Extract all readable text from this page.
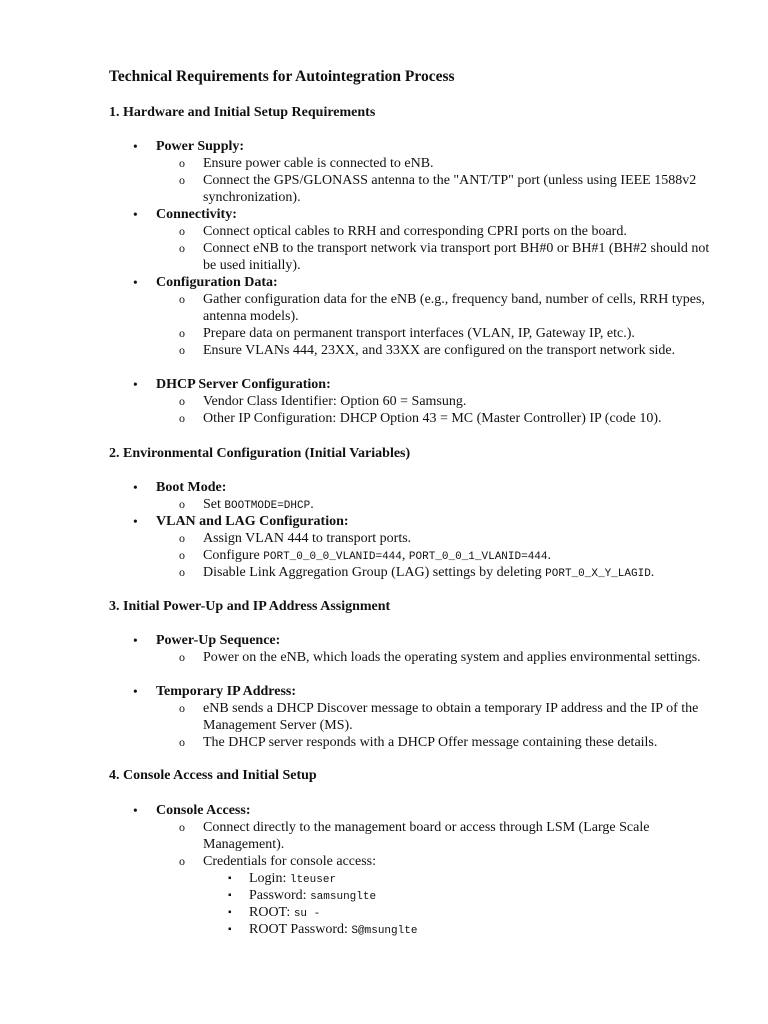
Technical Requirements for Autointegration Process
1. Hardware and Initial Setup Requirements
• Power Supply:
o Ensure power cable is connected to eNB.
o Connect the GPS/GLONASS antenna to the "ANT/TP" port (unless using IEEE 1588v2 synchronization).
• Connectivity:
o Connect optical cables to RRH and corresponding CPRI ports on the board.
o Connect eNB to the transport network via transport port BH#0 or BH#1 (BH#2 should not be used initially).
• Configuration Data:
o Gather configuration data for the eNB (e.g., frequency band, number of cells, RRH types, antenna models).
o Prepare data on permanent transport interfaces (VLAN, IP, Gateway IP, etc.).
o Ensure VLANs 444, 23XX, and 33XX are configured on the transport network side.
• DHCP Server Configuration:
o Vendor Class Identifier: Option 60 = Samsung.
o Other IP Configuration: DHCP Option 43 = MC (Master Controller) IP (code 10).
2. Environmental Configuration (Initial Variables)
• Boot Mode:
o Set BOOTMODE=DHCP.
• VLAN and LAG Configuration:
o Assign VLAN 444 to transport ports.
o Configure PORT_0_0_0_VLANID=444, PORT_0_0_1_VLANID=444.
o Disable Link Aggregation Group (LAG) settings by deleting PORT_0_X_Y_LAGID.
3. Initial Power-Up and IP Address Assignment
• Power-Up Sequence:
o Power on the eNB, which loads the operating system and applies environmental settings.
• Temporary IP Address:
o eNB sends a DHCP Discover message to obtain a temporary IP address and the IP of the Management Server (MS).
o The DHCP server responds with a DHCP Offer message containing these details.
4. Console Access and Initial Setup
• Console Access:
o Connect directly to the management board or access through LSM (Large Scale Management).
o Credentials for console access:
▪ Login: lteuser
▪ Password: samsunglte
▪ ROOT: su -
▪ ROOT Password: S@msunglte
